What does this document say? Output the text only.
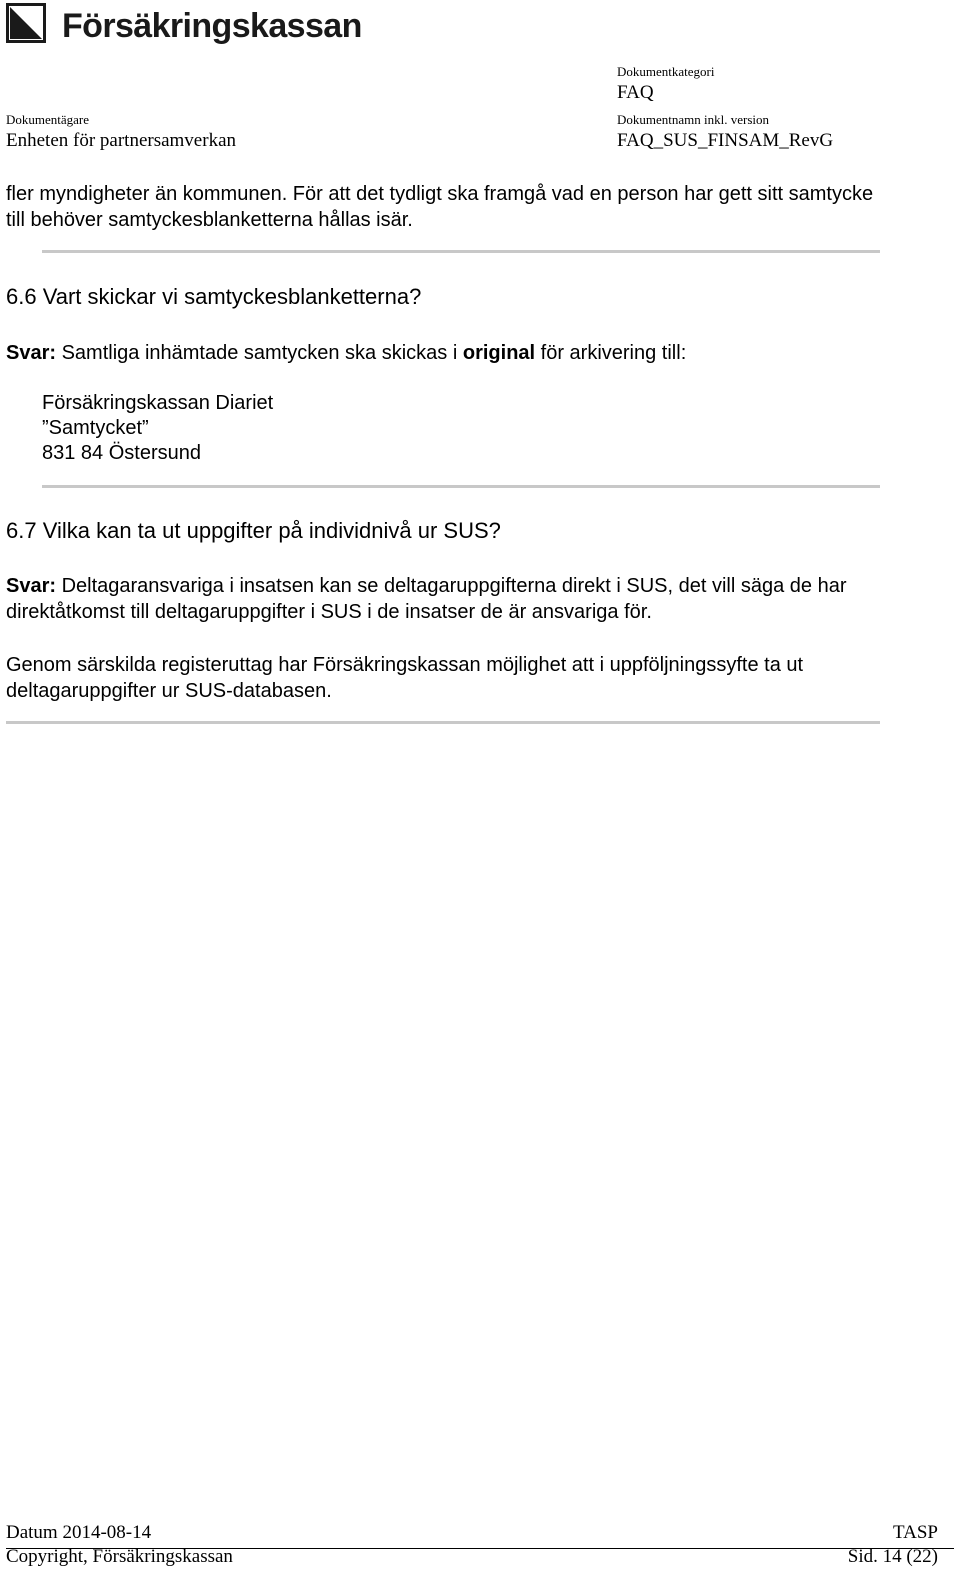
Försäkringskassan
Dokumentkategori
FAQ
Dokumentägare
Enheten för partnersamverkan
Dokumentnamn inkl. version
FAQ_SUS_FINSAM_RevG
fler myndigheter än kommunen. För att det tydligt ska framgå vad en person har gett sitt samtycke till behöver samtyckesblanketterna hållas isär.
6.6 Vart skickar vi samtyckesblanketterna?
Svar: Samtliga inhämtade samtycken ska skickas i original för arkivering till:
Försäkringskassan Diariet
”Samtycket”
831 84 Östersund
6.7 Vilka kan ta ut uppgifter på individnivå ur SUS?
Svar: Deltagaransvariga i insatsen kan se deltagaruppgifterna direkt i SUS, det vill säga de har direktåtkomst till deltagaruppgifter i SUS i de insatser de är ansvariga för.
Genom särskilda registeruttag har Försäkringskassan möjlighet att i uppföljningssyfte ta ut deltagaruppgifter ur SUS-databasen.
Datum 2014-08-14	TASP
Copyright, Försäkringskassan	Sid. 14 (22)
